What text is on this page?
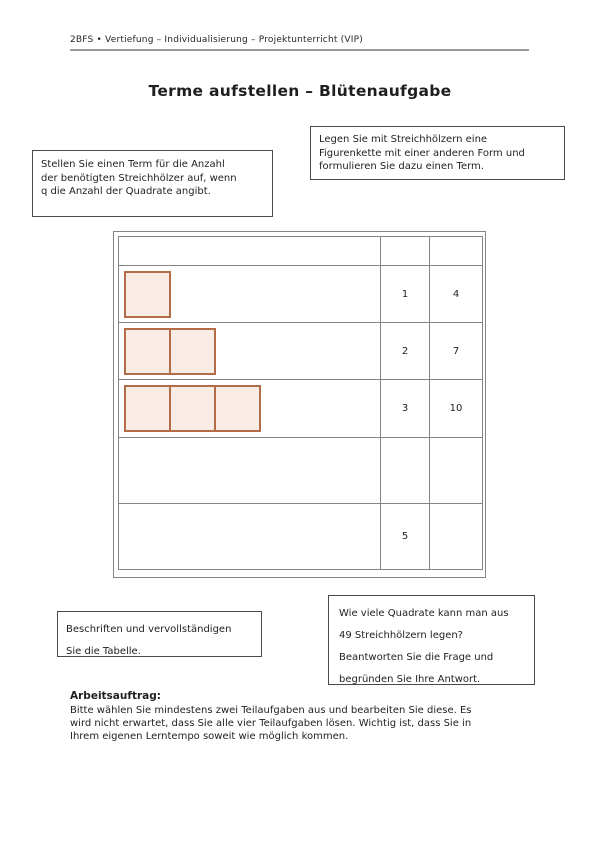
2BFS • Vertiefung – Individualisierung – Projektunterricht (VIP)
Terme aufstellen – Blütenaufgabe
Stellen Sie einen Term für die Anzahl
der benötigten Streichhölzer auf, wenn
q die Anzahl der Quadrate angibt.
Legen Sie mit Streichhölzern eine
Figurenkette mit einer anderen Form und
formulieren Sie dazu einen Term.

	1	4

	2	7

	3	10

	5	
Beschriften und vervollständigen
Sie die Tabelle.
Wie viele Quadrate kann man aus
49 Streichhölzern legen?
Beantworten Sie die Frage und
begründen Sie Ihre Antwort.
Arbeitsauftrag:
Bitte wählen Sie mindestens zwei Teilaufgaben aus und bearbeiten Sie diese. Es
wird nicht erwartet, dass Sie alle vier Teilaufgaben lösen. Wichtig ist, dass Sie in
Ihrem eigenen Lerntempo soweit wie möglich kommen.
